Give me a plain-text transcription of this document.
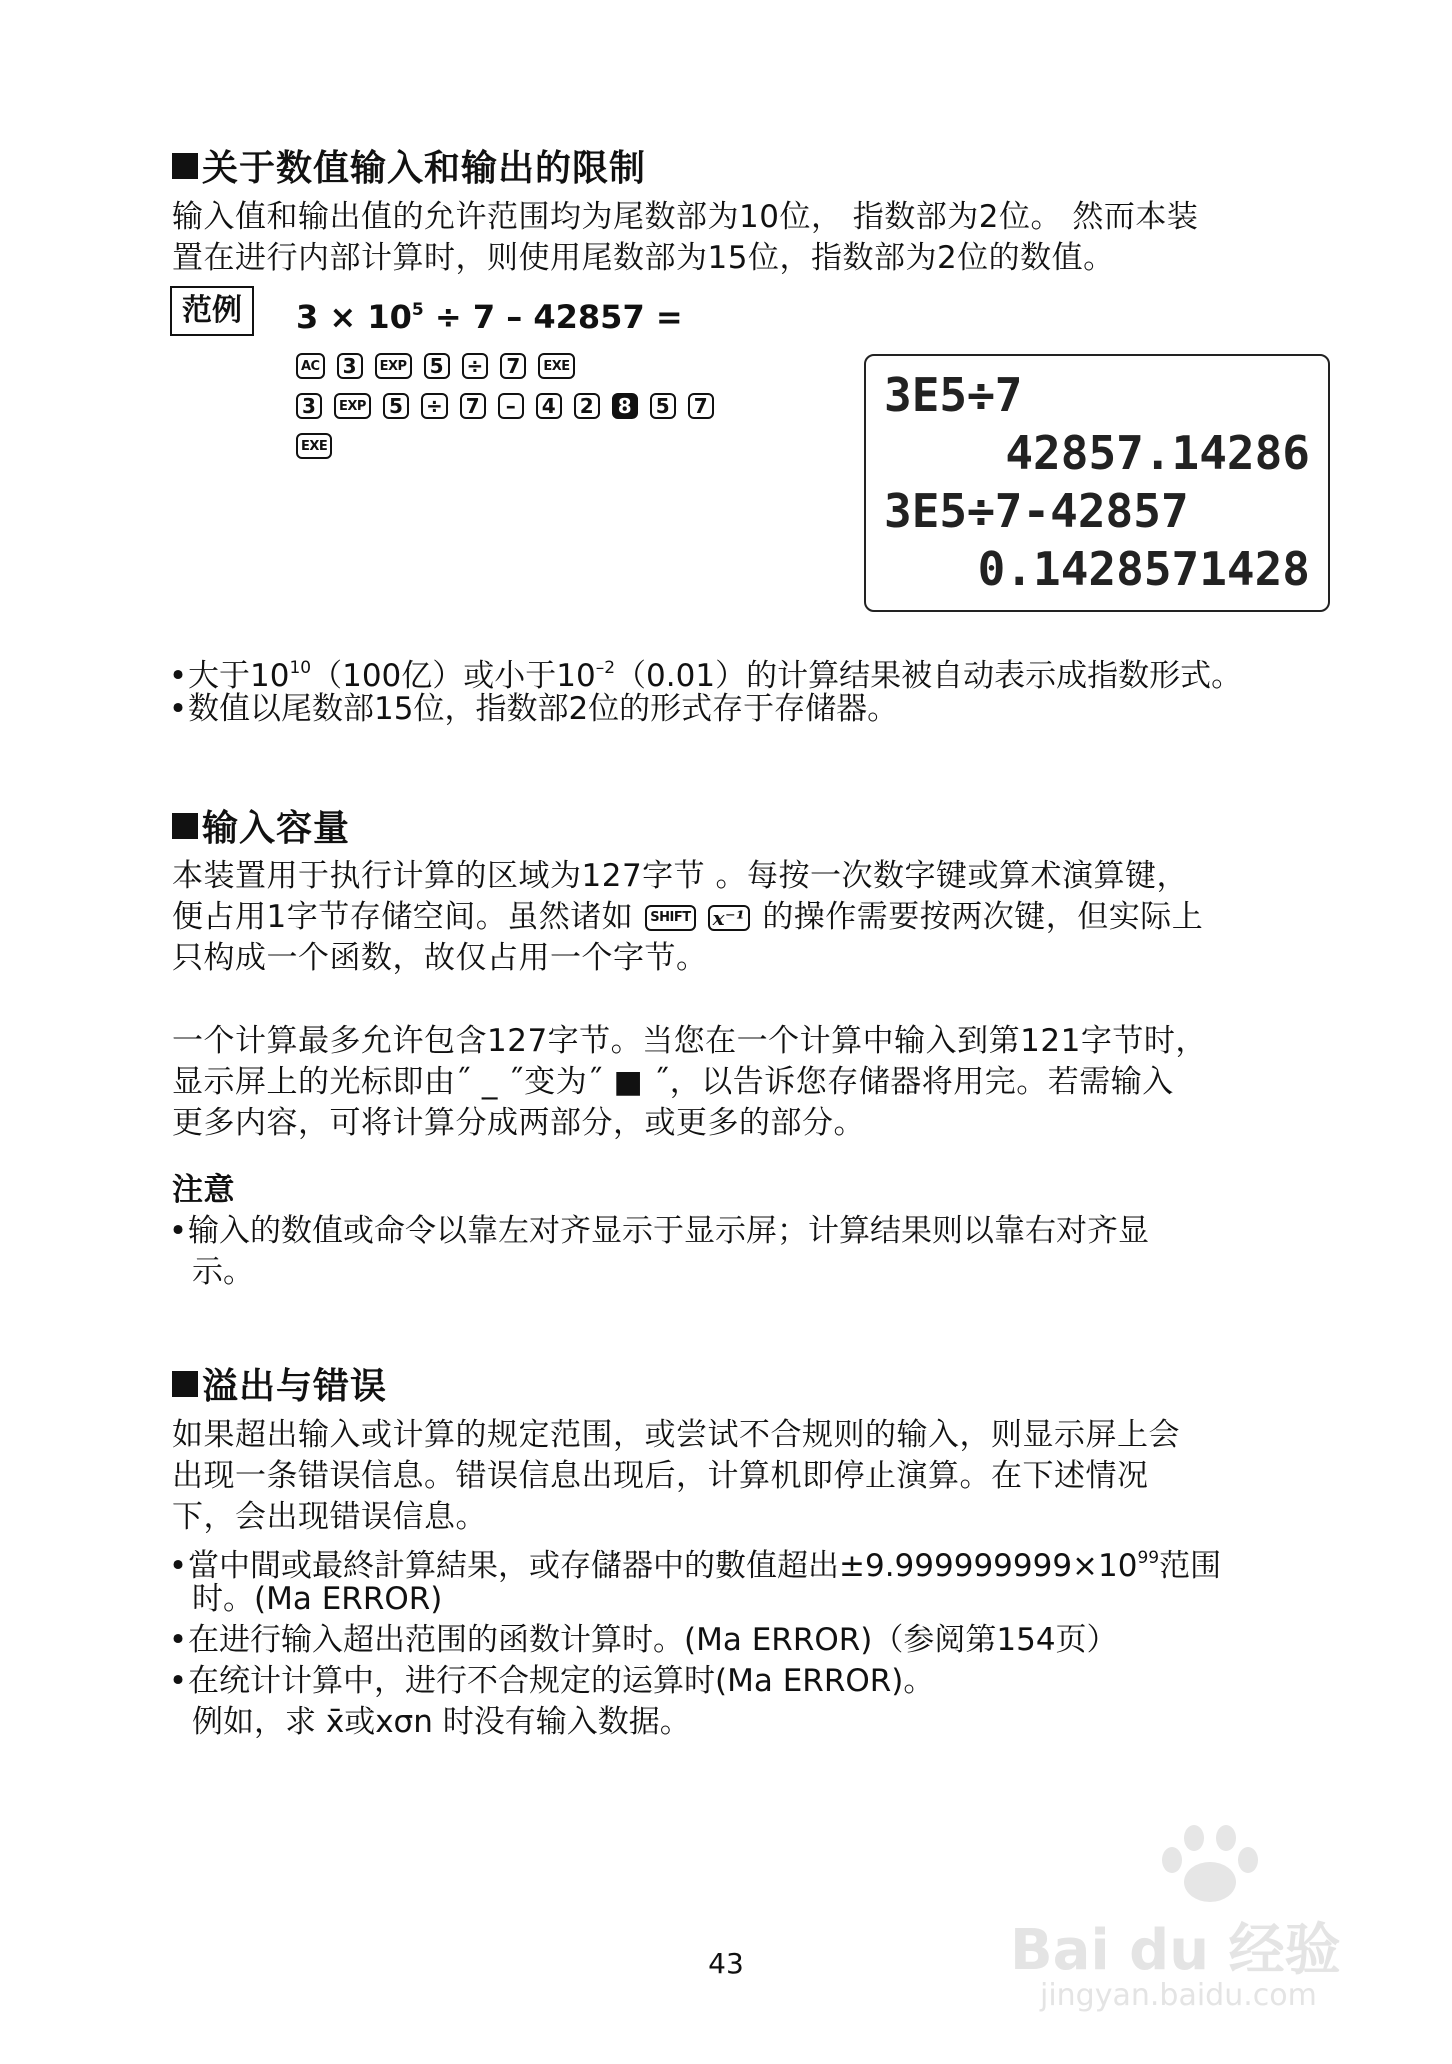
关于数值输入和输出的限制
输入值和输出值的允许范围均为尾数部为10位， 指数部为2位。 然而本装
置在进行内部计算时，则使用尾数部为15位，指数部为2位的数值。
范例	$3 \times 10^5 \div 7 - 42857$ =
AC	3	EXP	5	÷	7	EXE
3	EXP	5	÷	7	–	4	2	8	5	7
EXE
3E5÷7
42857.14286
3E5÷7-42857
0.1428571428
•大于$10^{10}(100$亿）或小于$10^{-2}(0.01)$的计算结果被自动表示成指数形式。
•数值以尾数部15位，指数部2位的形式存于存储器。
输入容量
本装置用于执行计算的区域为127字节 。每按一次数字键或算术演算键，
便占用1字节存储空间。虽然诸如	SHIFT x⁻¹ 的操作需要按两次键，但实际上
只构成一个函数，故仅占用一个字节。
一个计算最多允许包含127字节。当您在一个计算中输入到第121字节时，
显示屏上的光标即由˝ _ ˝变为˝ ■ ˝，以告诉您存储器将用完。若需输入
更多内容，可将计算分成两部分，或更多的部分。
注意
•输入的数值或命令以靠左对齐显示于显示屏；计算结果则以靠右对齐显
示。
溢出与错误
如果超出输入或计算的规定范围，或尝试不合规则的输入，则显示屏上会
出现一条错误信息。错误信息出现后，计算机即停止演算。在下述情况
下，会出现错误信息。
•當中間或最終計算結果，或存儲器中的數值超出$\pm 9.999999999\times 10^{99}$范围
时。(Ma ERROR)
•在进行输入超出范围的函数计算时。(Ma ERROR)（参阅第154页）
•在统计计算中，进行不合规定的运算时(Ma ERROR)。
例如，求 x̄或xσn 时没有输入数据。
43	Bai du 经验
jingyan.baidu.com
